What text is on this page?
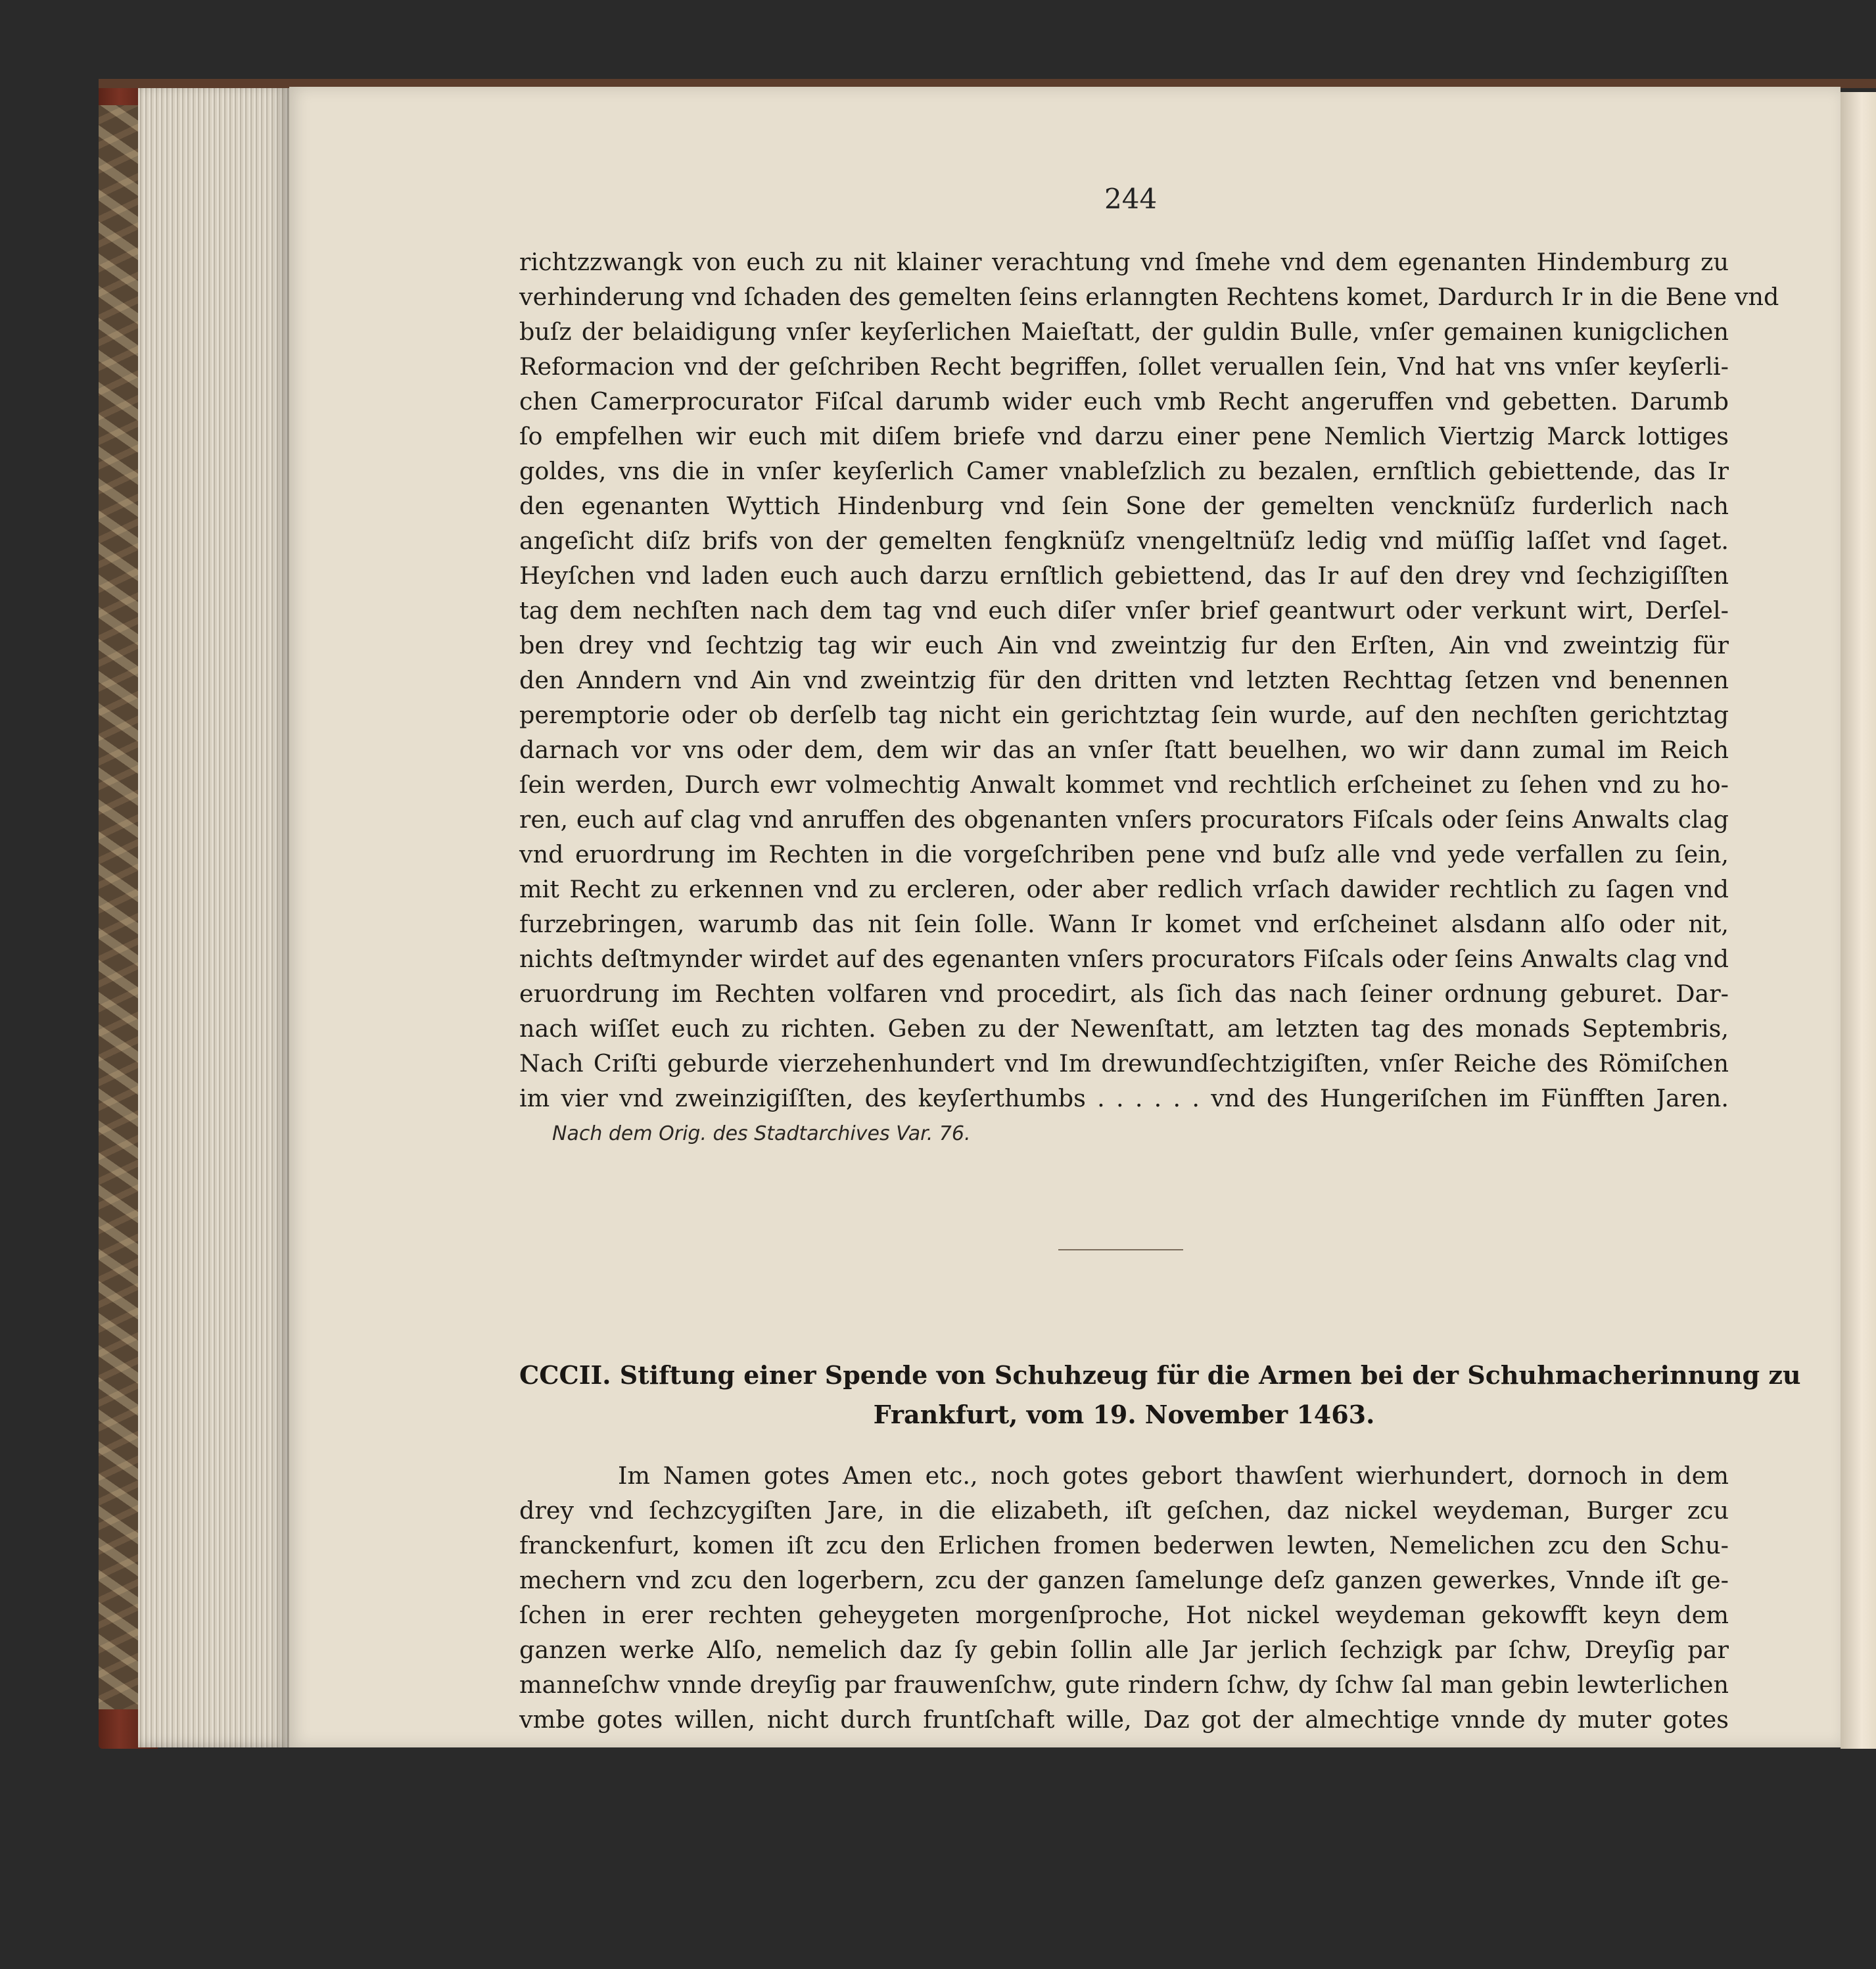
244
richtzzwangk von euch zu nit klainer verachtung vnd ſmehe vnd dem egenanten Hindemburg zu
verhinderung vnd ſchaden des gemelten ſeins erlanngten Rechtens komet, Dardurch Ir in die Bene vnd
buſz der belaidigung vnſer keyſerlichen Maieſtatt, der guldin Bulle, vnſer gemainen kunigclichen
Reformacion vnd der geſchriben Recht begriffen, ſollet veruallen ſein, Vnd hat vns vnſer keyſerli-
chen Camerprocurator Fiſcal darumb wider euch vmb Recht angeruffen vnd gebetten. Darumb
ſo empfelhen wir euch mit diſem briefe vnd darzu einer pene Nemlich Viertzig Marck lottiges
goldes, vns die in vnſer keyſerlich Camer vnableſzlich zu bezalen, ernſtlich gebiettende, das Ir
den egenanten Wyttich Hindenburg vnd ſein Sone der gemelten vencknüſz furderlich nach
angeſicht diſz brifs von der gemelten fengknüſz vnengeltnüſz ledig vnd müſſig laſſet vnd ſaget.
Heyſchen vnd laden euch auch darzu ernſtlich gebiettend, das Ir auf den drey vnd ſechzigiſſten
tag dem nechſten nach dem tag vnd euch diſer vnſer brief geantwurt oder verkunt wirt, Derſel-
ben drey vnd ſechtzig tag wir euch Ain vnd zweintzig fur den Erſten, Ain vnd zweintzig für
den Anndern vnd Ain vnd zweintzig für den dritten vnd letzten Rechttag ſetzen vnd benennen
peremptorie oder ob derſelb tag nicht ein gerichtztag ſein wurde, auf den nechſten gerichtztag
darnach vor vns oder dem, dem wir das an vnſer ſtatt beuelhen, wo wir dann zumal im Reich
ſein werden, Durch ewr volmechtig Anwalt kommet vnd rechtlich erſcheinet zu ſehen vnd zu ho-
ren, euch auf clag vnd anruffen des obgenanten vnſers procurators Fiſcals oder ſeins Anwalts clag
vnd eruordrung im Rechten in die vorgeſchriben pene vnd buſz alle vnd yede verfallen zu ſein,
mit Recht zu erkennen vnd zu ercleren, oder aber redlich vrſach dawider rechtlich zu ſagen vnd
furzebringen, warumb das nit ſein ſolle. Wann Ir komet vnd erſcheinet alsdann alſo oder nit,
nichts deſtmynder wirdet auf des egenanten vnſers procurators Fiſcals oder ſeins Anwalts clag vnd
eruordrung im Rechten volfaren vnd procedirt, als ſich das nach ſeiner ordnung geburet. Dar-
nach wiſſet euch zu richten. Geben zu der Newenſtatt, am letzten tag des monads Septembris,
Nach Criſti geburde vierzehenhundert vnd Im drewundſechtzigiſten, vnſer Reiche des Römiſchen
im vier vnd zweinzigiſſten, des keyſerthumbs . . . . . . vnd des Hungeriſchen im Fünfften Jaren.
Nach dem Orig. des Stadtarchives Var. 76.
CCCII. Stiftung einer Spende von Schuhzeug für die Armen bei der Schuhmacherinnung zu
Frankfurt, vom 19. November 1463.
Im Namen gotes Amen etc., noch gotes gebort thawſent wierhundert, dornoch in dem
drey vnd ſechzcygiſten Jare, in die elizabeth, iſt geſchen, daz nickel weydeman, Burger zcu
franckenfurt, komen iſt zcu den Erlichen fromen bederwen lewten, Nemelichen zcu den Schu-
mechern vnd zcu den logerbern, zcu der ganzen ſamelunge deſz ganzen gewerkes, Vnnde iſt ge-
ſchen in erer rechten geheygeten morgenſproche, Hot nickel weydeman gekowfft keyn dem
ganzen werke Alſo, nemelich daz ſy gebin ſollin alle Jar jerlich ſechzigk par ſchw, Dreyſig par
manneſchw vnnde dreyſig par frauwenſchw, gute rindern ſchw, dy ſchw ſal man gebin lewterlichen
vmbe gotes willen, nicht durch fruntſchaft wille, Daz got der almechtige vnnde dy muter gotes
